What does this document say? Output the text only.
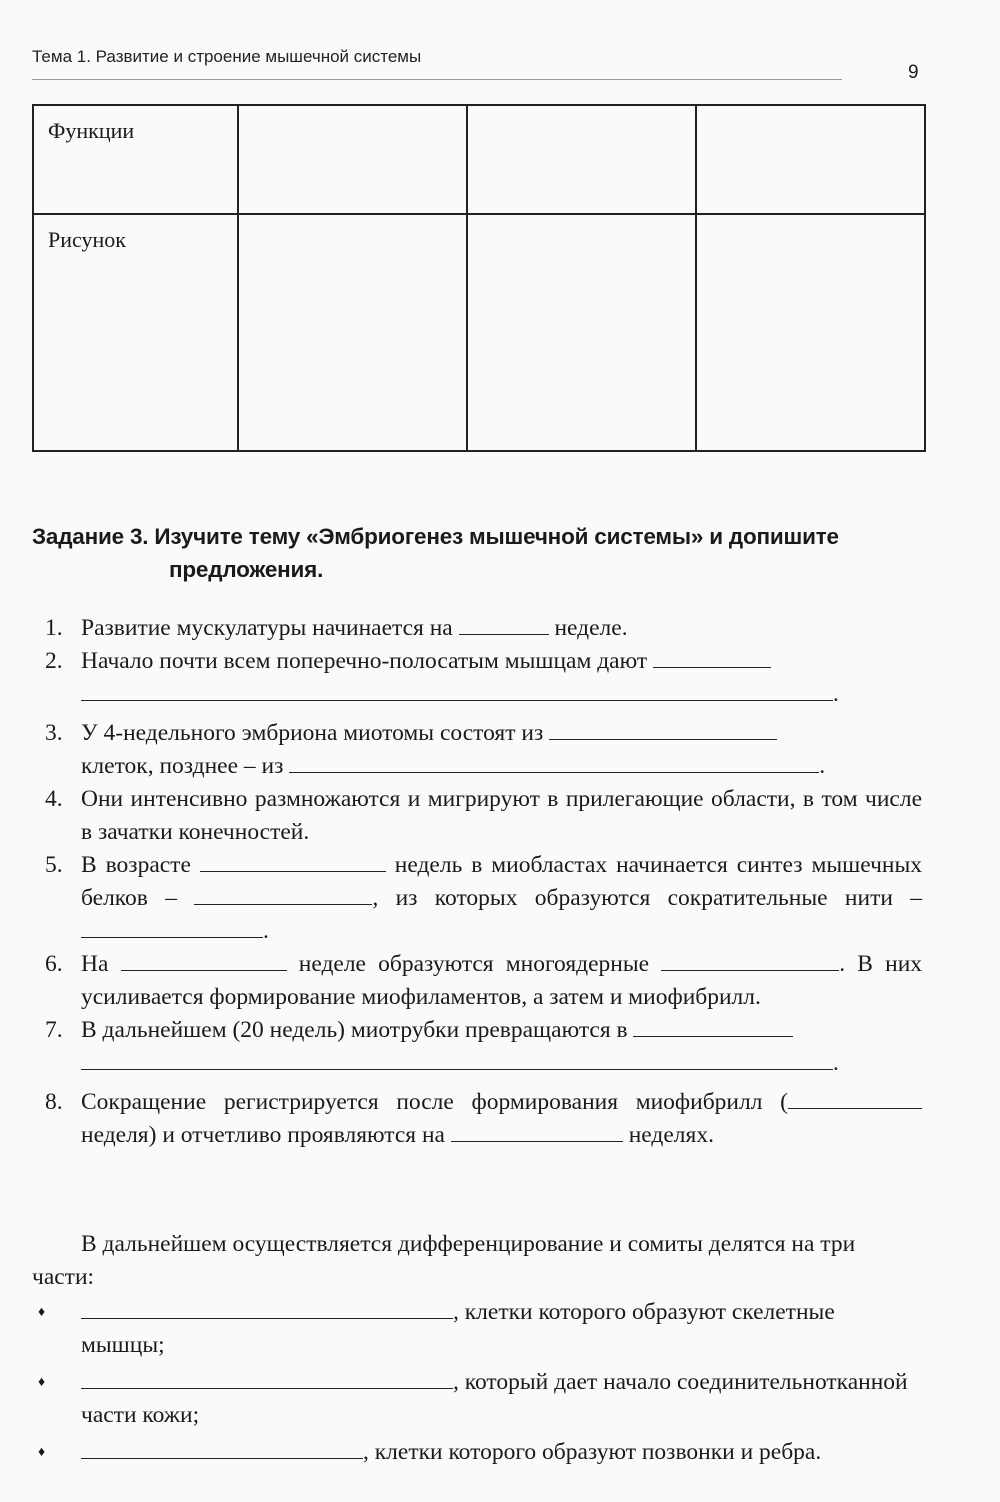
Тема 1. Развитие и строение мышечной системы
9
Функции			
Рисунок			
Задание 3. Изучите тему «Эмбриогенез мышечной системы» и допишите
предложения.
1. Развитие мускулатуры начинается на	неделе.
2. Начало почти всем поперечно-полосатым мышцам дают
.
3. У 4-недельного эмбриона миотомы состоят из
клеток, позднее – из	.
4. Они интенсивно размножаются и мигрируют в прилегающие области, в том числе в зачатки конечностей.
5. В возрасте	недель в миобластах начинается синтез мышечных белков –	, из которых образуются сократительные нити – .
6. На	неделе образуются многоядерные	. В них усиливается формирование миофиламентов, а затем и миофибрилл.
7. В дальнейшем (20 недель) миотрубки превращаются в
.
8. Сокращение регистрируется после формирования миофибрилл ( неделя) и отчетливо проявляются на	неделях.
В дальнейшем осуществляется дифференцирование и сомиты делятся на три части:
♦	, клетки которого образуют скелетные мышцы;
♦	, который дает начало соединительнотканной части кожи;
♦	, клетки которого образуют позвонки и ребра.
